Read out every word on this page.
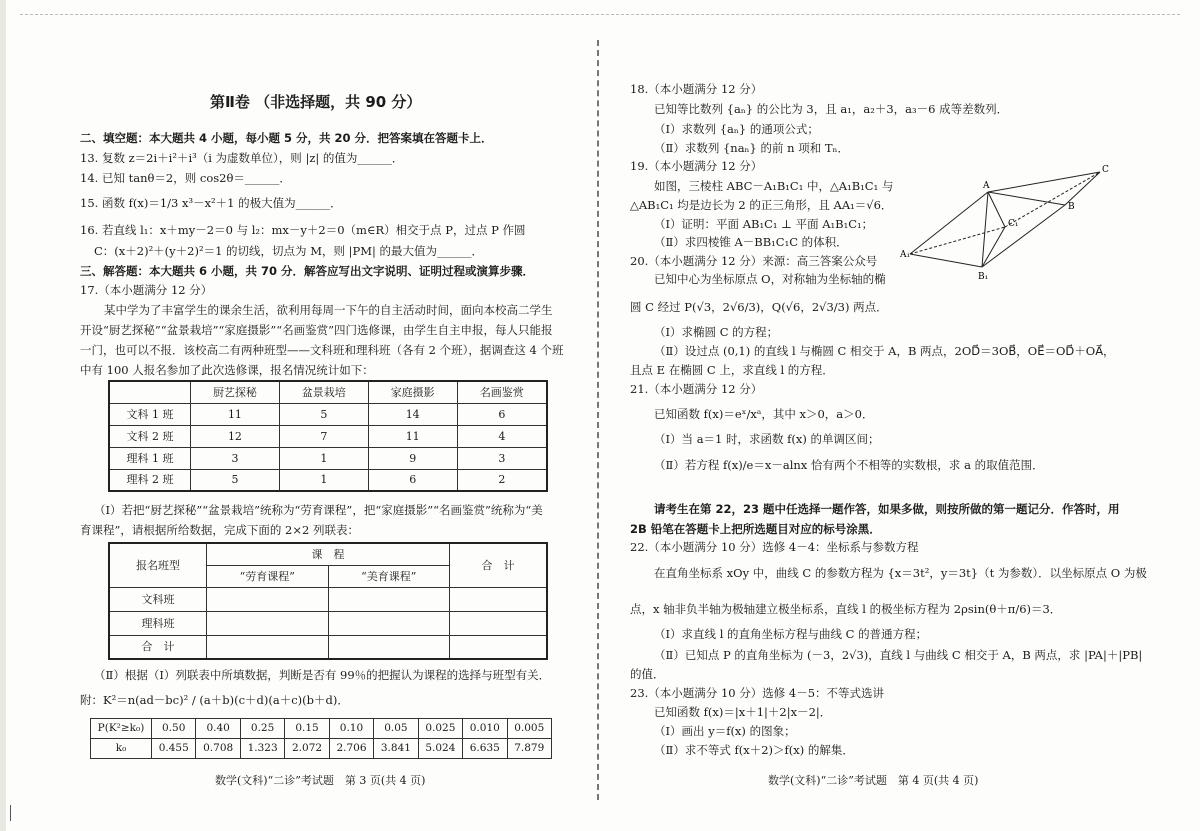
第Ⅱ卷 （非选择题，共 90 分）
二、填空题：本大题共 4 小题，每小题 5 分，共 20 分．把答案填在答题卡上．
13. 复数 z＝2i＋i²＋i³（i 为虚数单位），则 |z| 的值为______．
14. 已知 tanθ＝2，则 cos2θ＝______．
15. 函数 f(x)＝1/3 x³－x²＋1 的极大值为______．
16. 若直线 l₁：x＋my－2＝0 与 l₂：mx－y＋2＝0（m∈R）相交于点 P，过点 P 作圆
C：(x＋2)²＋(y＋2)²＝1 的切线，切点为 M，则 |PM| 的最大值为______．
三、解答题：本大题共 6 小题，共 70 分．解答应写出文字说明、证明过程或演算步骤．
17.（本小题满分 12 分）
某中学为了丰富学生的课余生活，欲利用每周一下午的自主活动时间，面向本校高二学生
开设“厨艺探秘”“盆景栽培”“家庭摄影”“名画鉴赏”四门选修课，由学生自主申报，每人只能报
一门，也可以不报．该校高二有两种班型——文科班和理科班（各有 2 个班），据调查这 4 个班
中有 100 人报名参加了此次选修课，报名情况统计如下：
	厨艺探秘	盆景栽培	家庭摄影	名画鉴赏
文科 1 班	11	5	14	6
文科 2 班	12	7	11	4
理科 1 班	3	1	9	3
理科 2 班	5	1	6	2
（Ⅰ）若把“厨艺探秘”“盆景栽培”统称为“劳育课程”，把“家庭摄影”“名画鉴赏”统称为“美
育课程”，请根据所给数据，完成下面的 2×2 列联表：
报名班型	课　程		合　计
	“劳育课程”	“美育课程”	
文科班			
理科班			
合　计			
（Ⅱ）根据（Ⅰ）列联表中所填数据，判断是否有 99％的把握认为课程的选择与班型有关．
附：K²＝n(ad－bc)² / (a＋b)(c＋d)(a＋c)(b＋d)．
P(K²≥k₀)	0.50	0.40	0.25	0.15	0.10	0.05	0.025	0.010	0.005
k₀	0.455	0.708	1.323	2.072	2.706	3.841	5.024	6.635	7.879
数学(文科)“二诊”考试题　第 3 页(共 4 页)
18.（本小题满分 12 分）
已知等比数列 {aₙ} 的公比为 3，且 a₁，a₂＋3，a₃－6 成等差数列．
（Ⅰ）求数列 {aₙ} 的通项公式；
（Ⅱ）求数列 {naₙ} 的前 n 项和 Tₙ．
19.（本小题满分 12 分）
如图，三棱柱 ABC－A₁B₁C₁ 中，△A₁B₁C₁ 与
△AB₁C₁ 均是边长为 2 的正三角形，且 AA₁＝√6．
（Ⅰ）证明：平面 AB₁C₁ ⊥ 平面 A₁B₁C₁；
（Ⅱ）求四棱锥 A－BB₁C₁C 的体积．
20.（本小题满分 12 分）来源：高三答案公众号
已知中心为坐标原点 O，对称轴为坐标轴的椭
圆 C 经过 P(√3，2√6/3)，Q(√6，2√3/3) 两点．
（Ⅰ）求椭圆 C 的方程；
（Ⅱ）设过点 (0,1) 的直线 l 与椭圆 C 相交于 A，B 两点，2OD⃗＝3OB⃗，OE⃗＝OD⃗＋OA⃗，
且点 E 在椭圆 C 上，求直线 l 的方程．
21.（本小题满分 12 分）
已知函数 f(x)＝eˣ/xᵃ，其中 x＞0，a＞0．
（Ⅰ）当 a＝1 时，求函数 f(x) 的单调区间；
（Ⅱ）若方程 f(x)/e＝x－alnx 恰有两个不相等的实数根，求 a 的取值范围．
请考生在第 22，23 题中任选择一题作答，如果多做，则按所做的第一题记分．作答时，用
2B 铅笔在答题卡上把所选题目对应的标号涂黑．
22.（本小题满分 10 分）选修 4－4：坐标系与参数方程
在直角坐标系 xOy 中，曲线 C 的参数方程为 {x＝3t²，y＝3t}（t 为参数）．以坐标原点 O 为极
点，x 轴非负半轴为极轴建立极坐标系，直线 l 的极坐标方程为 2ρsin(θ＋π/6)＝3．
（Ⅰ）求直线 l 的直角坐标方程与曲线 C 的普通方程；
（Ⅱ）已知点 P 的直角坐标为 (－3，2√3)，直线 l 与曲线 C 相交于 A，B 两点，求 |PA|＋|PB|
的值．
23.（本小题满分 10 分）选修 4－5：不等式选讲
已知函数 f(x)＝|x＋1|＋2|x－2|．
（Ⅰ）画出 y＝f(x) 的图象；
（Ⅱ）求不等式 f(x＋2)＞f(x) 的解集．
A
B
C
A₁
B₁
C₁
数学(文科)“二诊”考试题　第 4 页(共 4 页)
